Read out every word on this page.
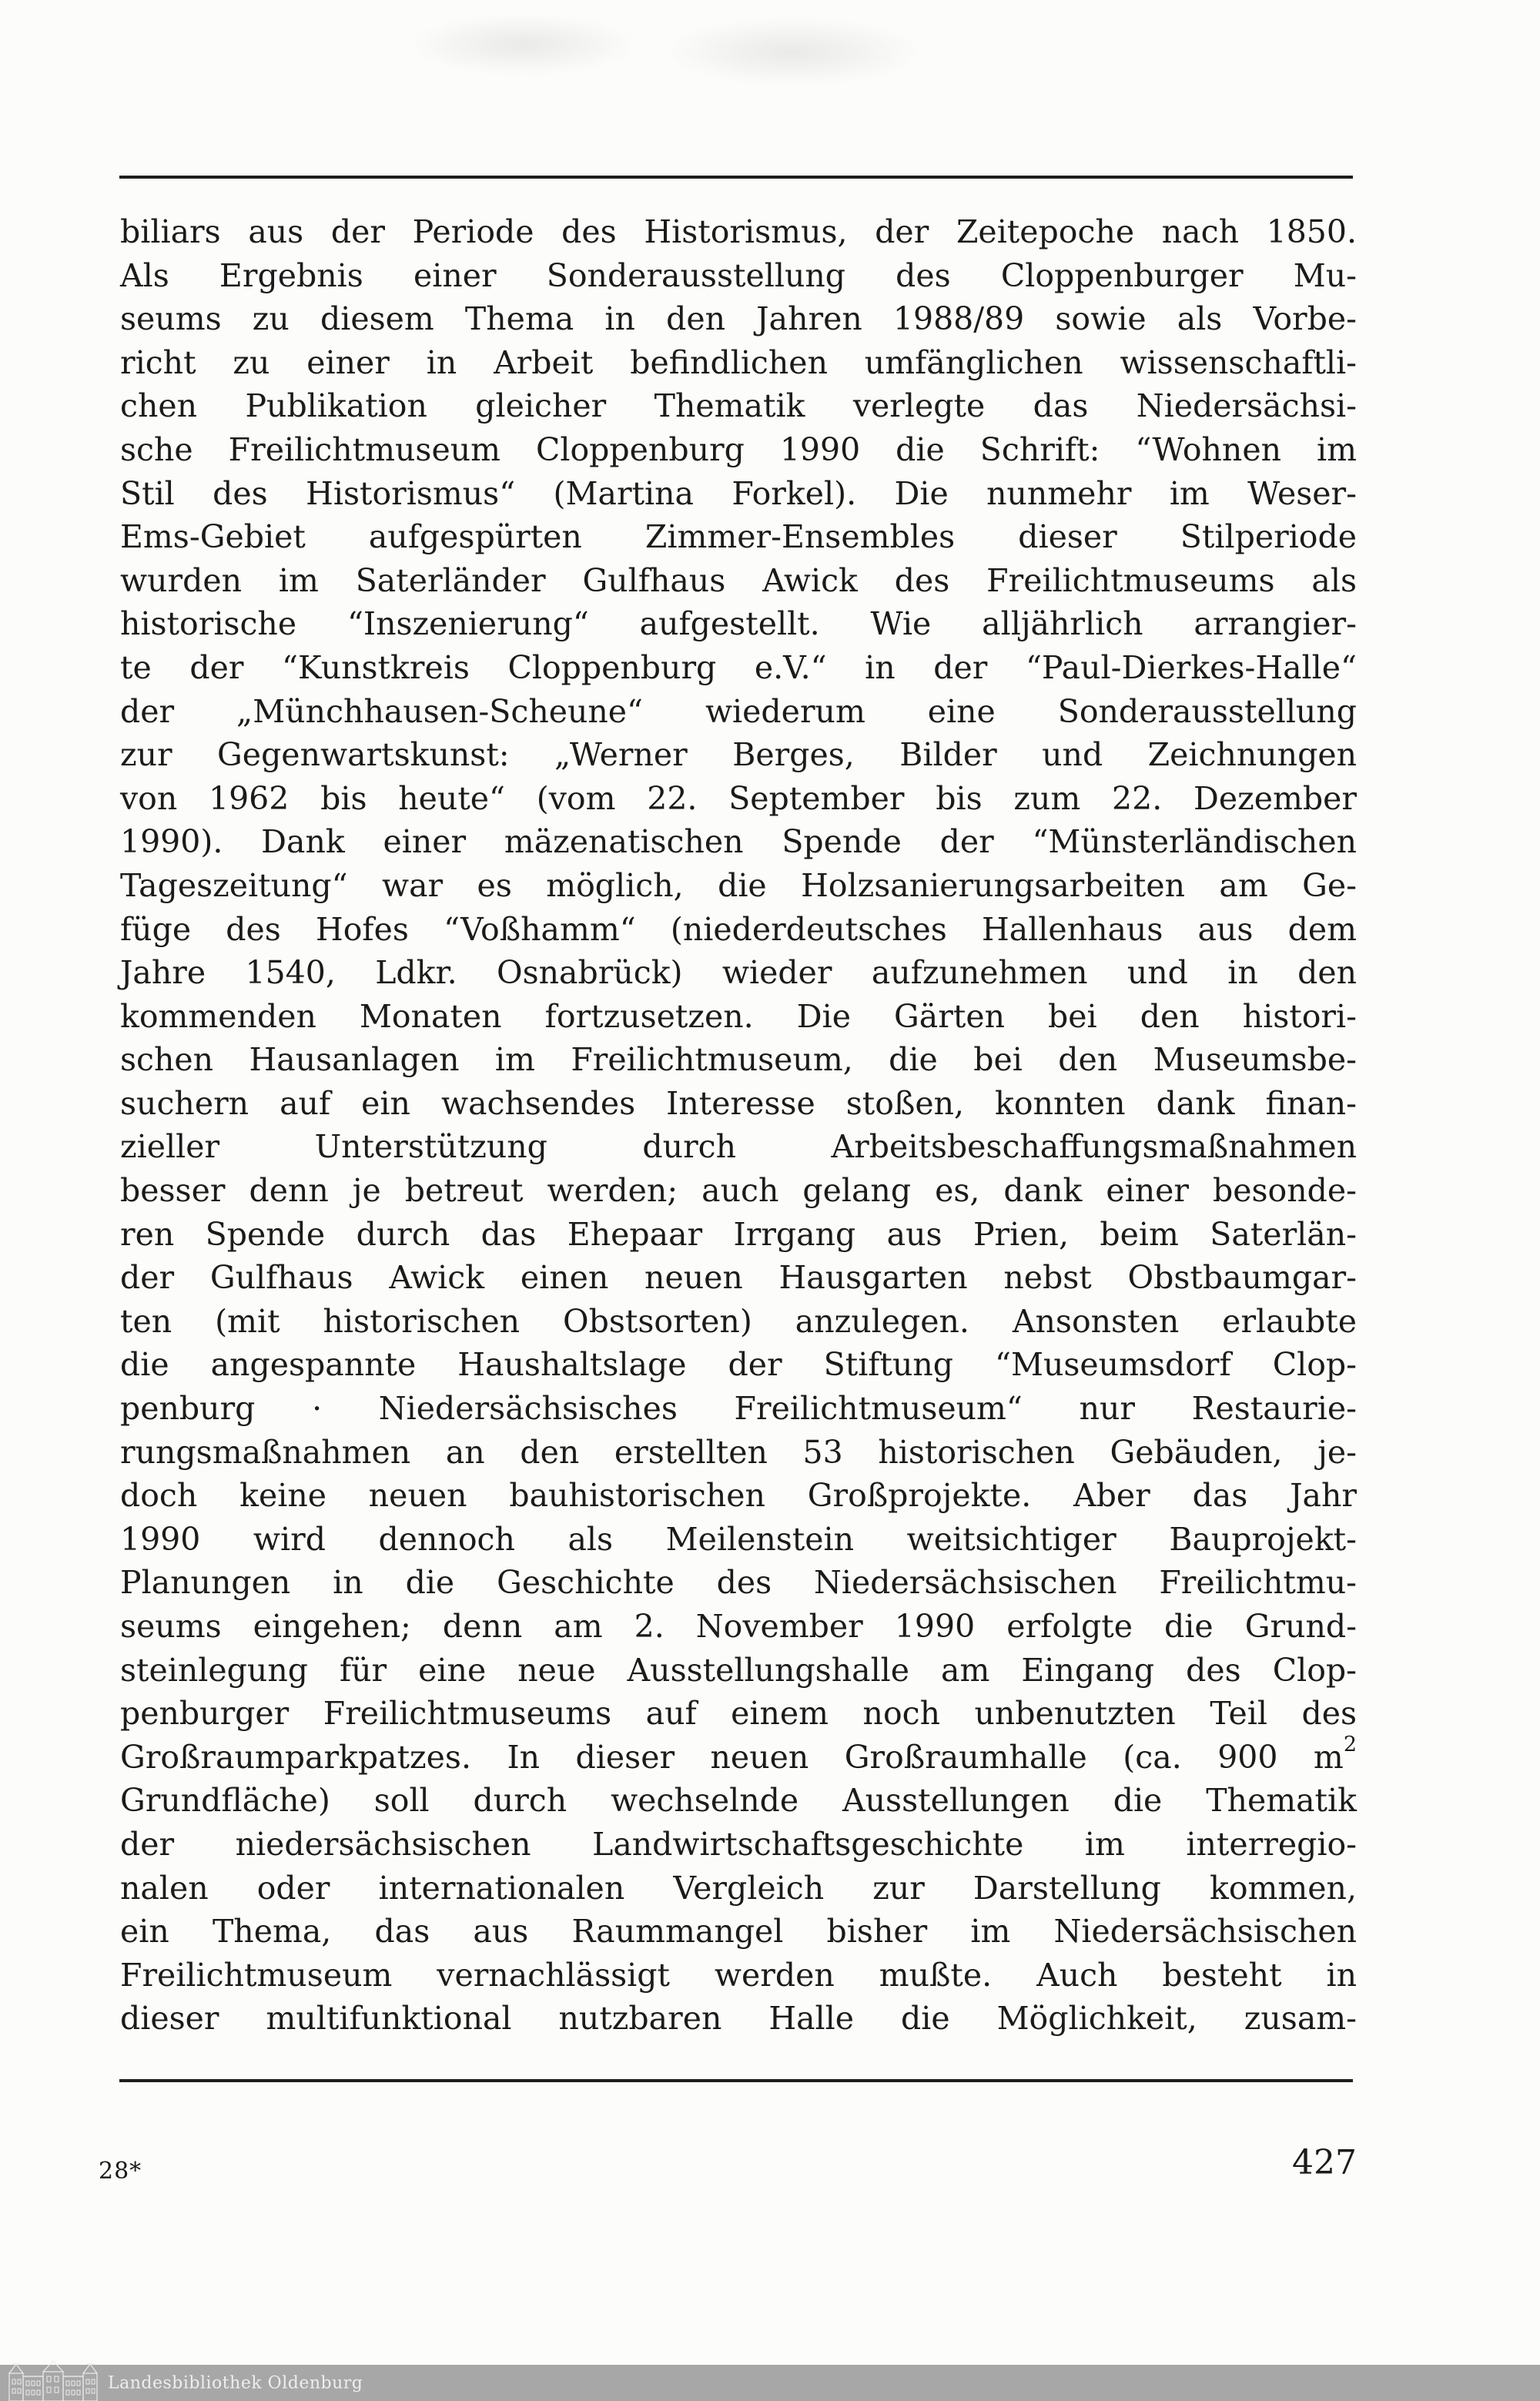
biliars aus der Periode des Historismus, der Zeitepoche nach 1850.
Als Ergebnis einer Sonderausstellung des Cloppenburger Mu-
seums zu diesem Thema in den Jahren 1988/89 sowie als Vorbe-
richt zu einer in Arbeit befindlichen umfänglichen wissenschaftli-
chen Publikation gleicher Thematik verlegte das Niedersächsi-
sche Freilichtmuseum Cloppenburg 1990 die Schrift: “Wohnen im
Stil des Historismus“ (Martina Forkel). Die nunmehr im Weser-
Ems-Gebiet aufgespürten Zimmer-Ensembles dieser Stilperiode
wurden im Saterländer Gulfhaus Awick des Freilichtmuseums als
historische “Inszenierung“ aufgestellt. Wie alljährlich arrangier-
te der “Kunstkreis Cloppenburg e.V.“ in der “Paul-Dierkes-Halle“
der „Münchhausen-Scheune“ wiederum eine Sonderausstellung
zur Gegenwartskunst: „Werner Berges, Bilder und Zeichnungen
von 1962 bis heute“ (vom 22. September bis zum 22. Dezember
1990). Dank einer mäzenatischen Spende der “Münsterländischen
Tageszeitung“ war es möglich, die Holzsanierungsarbeiten am Ge-
füge des Hofes “Voßhamm“ (niederdeutsches Hallenhaus aus dem
Jahre 1540, Ldkr. Osnabrück) wieder aufzunehmen und in den
kommenden Monaten fortzusetzen. Die Gärten bei den histori-
schen Hausanlagen im Freilichtmuseum, die bei den Museumsbe-
suchern auf ein wachsendes Interesse stoßen, konnten dank finan-
zieller Unterstützung durch Arbeitsbeschaffungsmaßnahmen
besser denn je betreut werden; auch gelang es, dank einer besonde-
ren Spende durch das Ehepaar Irrgang aus Prien, beim Saterlän-
der Gulfhaus Awick einen neuen Hausgarten nebst Obstbaumgar-
ten (mit historischen Obstsorten) anzulegen. Ansonsten erlaubte
die angespannte Haushaltslage der Stiftung “Museumsdorf Clop-
penburg · Niedersächsisches Freilichtmuseum“ nur Restaurie-
rungsmaßnahmen an den erstellten 53 historischen Gebäuden, je-
doch keine neuen bauhistorischen Großprojekte. Aber das Jahr
1990 wird dennoch als Meilenstein weitsichtiger Bauprojekt-
Planungen in die Geschichte des Niedersächsischen Freilichtmu-
seums eingehen; denn am 2. November 1990 erfolgte die Grund-
steinlegung für eine neue Ausstellungshalle am Eingang des Clop-
penburger Freilichtmuseums auf einem noch unbenutzten Teil des
Großraumparkpatzes. In dieser neuen Großraumhalle (ca. 900 $m^2$
Grundfläche) soll durch wechselnde Ausstellungen die Thematik
der niedersächsischen Landwirtschaftsgeschichte im interregio-
nalen oder internationalen Vergleich zur Darstellung kommen,
ein Thema, das aus Raummangel bisher im Niedersächsischen
Freilichtmuseum vernachlässigt werden mußte. Auch besteht in
dieser multifunktional nutzbaren Halle die Möglichkeit, zusam-
28*	427
Landesbibliothek Oldenburg
